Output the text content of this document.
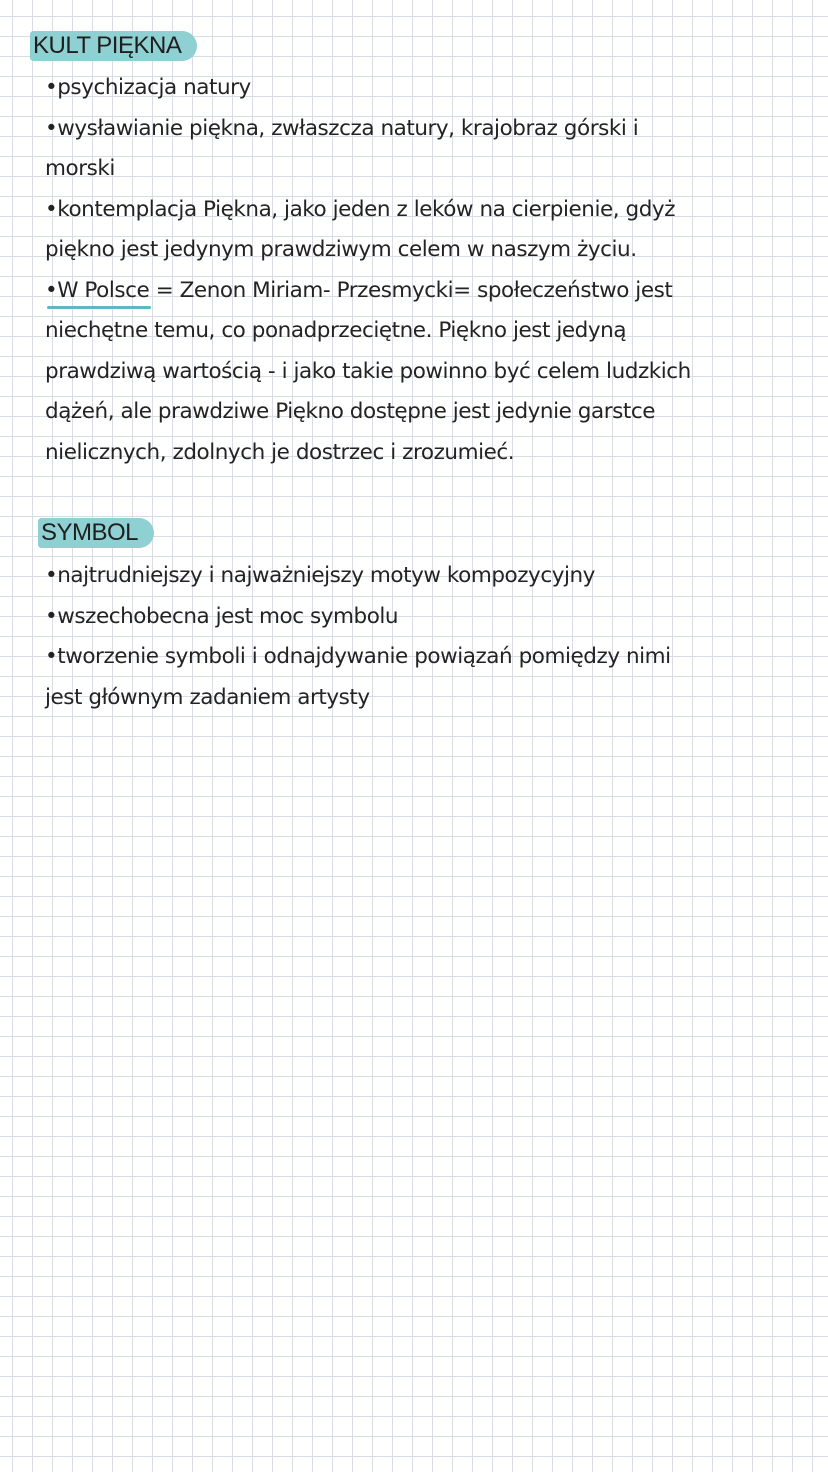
KULT PIĘKNA
•psychizacja natury
•wysławianie piękna, zwłaszcza natury, krajobraz górski i
morski
•kontemplacja Piękna, jako jeden z leków na cierpienie, gdyż
piękno jest jedynym prawdziwym celem w naszym życiu.
•W Polsce = Zenon Miriam- Przesmycki= społeczeństwo jest
niechętne temu, co ponadprzeciętne. Piękno jest jedyną
prawdziwą wartością - i jako takie powinno być celem ludzkich
dążeń, ale prawdziwe Piękno dostępne jest jedynie garstce
nielicznych, zdolnych je dostrzec i zrozumieć.
SYMBOL
•najtrudniejszy i najważniejszy motyw kompozycyjny
•wszechobecna jest moc symbolu
•tworzenie symboli i odnajdywanie powiązań pomiędzy nimi
jest głównym zadaniem artysty
